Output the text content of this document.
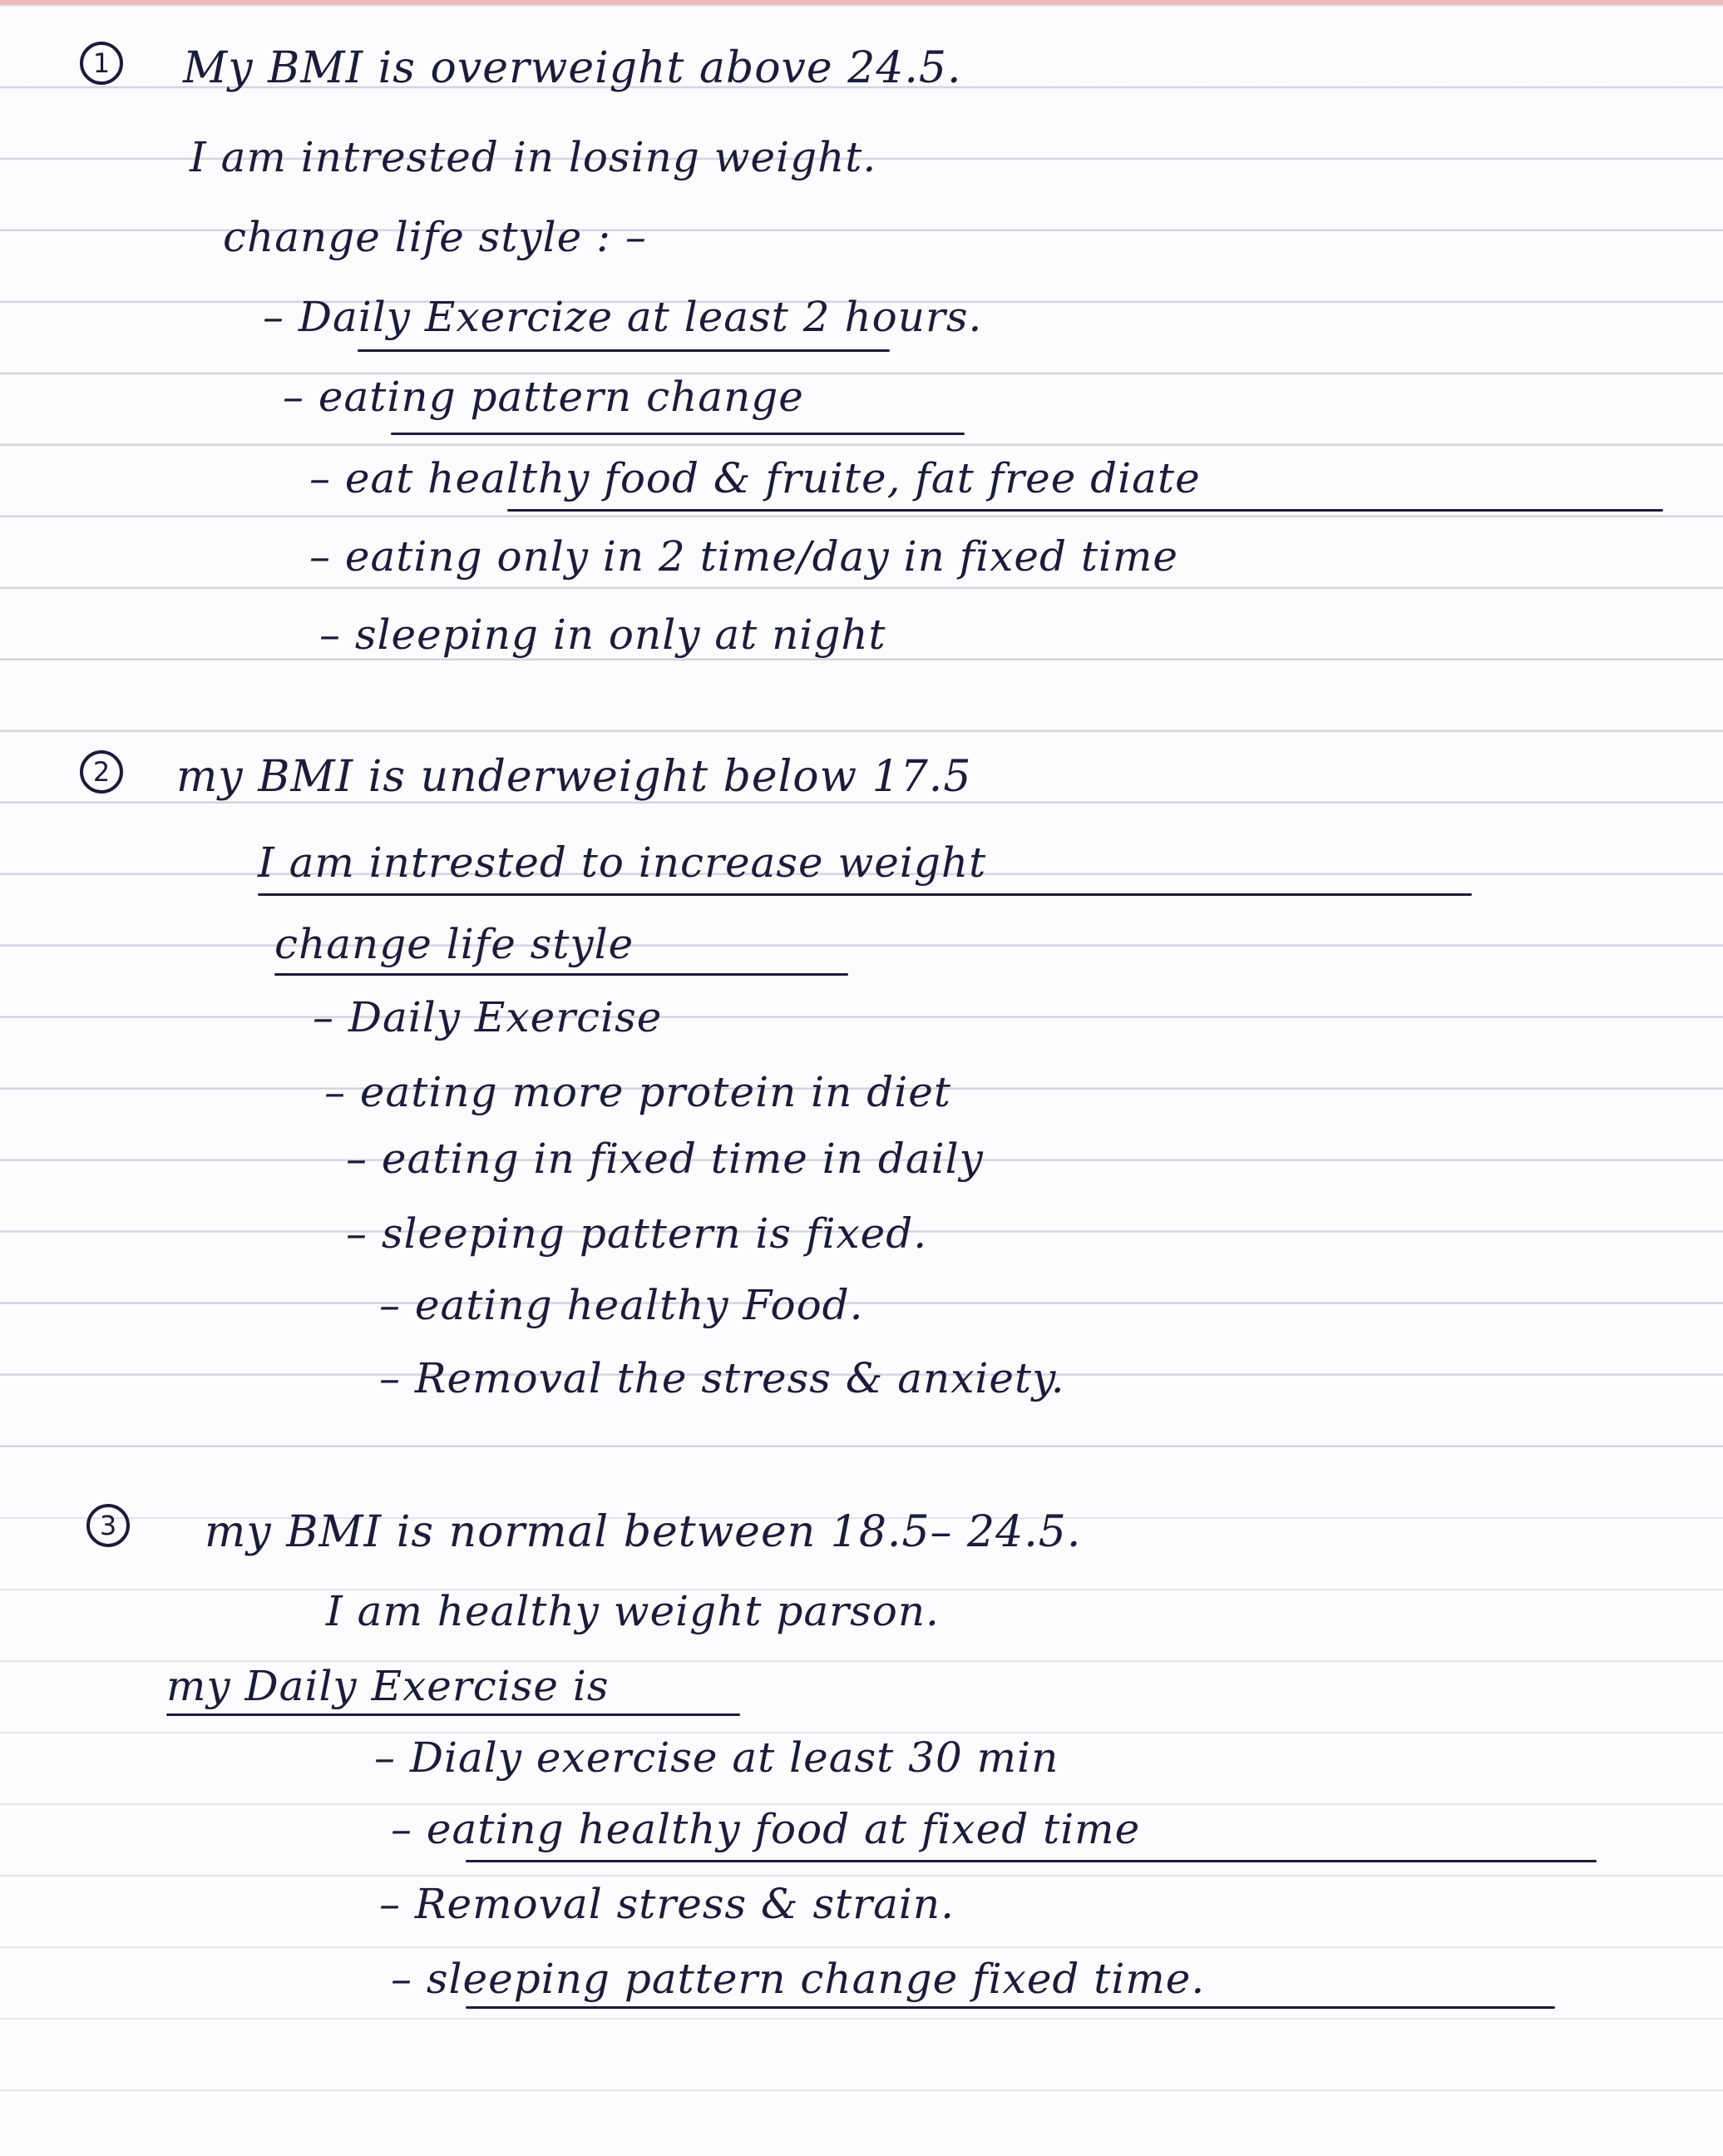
1	My BMI is overweight above 24.5.
I am intrested in losing weight.
change life style : –
– Daily Exercize at least 2 hours.
– eating pattern change
– eat healthy food & fruite, fat free diate
– eating only in 2 time/day in fixed time
– sleeping in only at night
2	my BMI is underweight below 17.5
I am intrested to increase weight
change life style
– Daily Exercise
– eating more protein in diet
– eating in fixed time in daily
– sleeping pattern is fixed.
– eating healthy Food.
– Removal the stress & anxiety.
3	my BMI is normal between 18.5– 24.5.
I am healthy weight parson.
my Daily Exercise is
– Dialy exercise at least 30 min
– eating healthy food at fixed time
– Removal stress & strain.
– sleeping pattern change fixed time.
